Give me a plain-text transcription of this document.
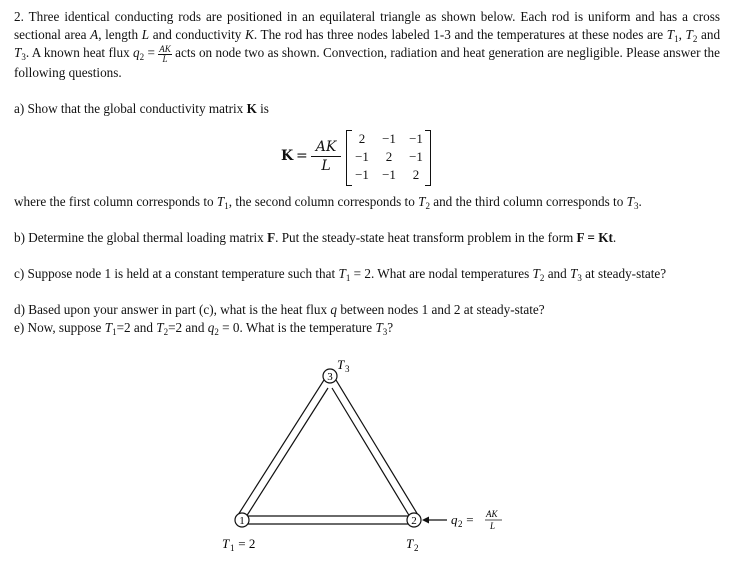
2. Three identical conducting rods are positioned in an equilateral triangle as shown below. Each rod is uniform and has a cross sectional area A, length L and conductivity K. The rod has three nodes labeled 1-3 and the temperatures at these nodes are $T_1$, $T_2$ and $T_3$. A known heat flux $q_2 = \frac{AK}{L}$ acts on node two as shown. Convection, radiation and heat generation are negligible. Please answer the following questions.
a) Show that the global conductivity matrix K is
$K = \frac{AK}{L}$	2	−1	−1
−1	2	−1
−1	−1	2
where the first column corresponds to $T_1$, the second column corresponds to $T_2$ and the third column corresponds to $T_3$.
b) Determine the global thermal loading matrix F. Put the steady-state heat transform problem in the form F = Kt.
c) Suppose node 1 is held at a constant temperature such that $T_1 = 2$. What are nodal temperatures $T_2$ and $T_3$ at steady-state?
d) Based upon your answer in part (c), what is the heat flux q between nodes 1 and 2 at steady-state?
e) Now, suppose $T_1=2$ and $T_2=2$ and $q_2 = 0$. What is the temperature $T_3$?
1	2
3
T 3
T 1 = 2	T 2
q 2 = AK
L
